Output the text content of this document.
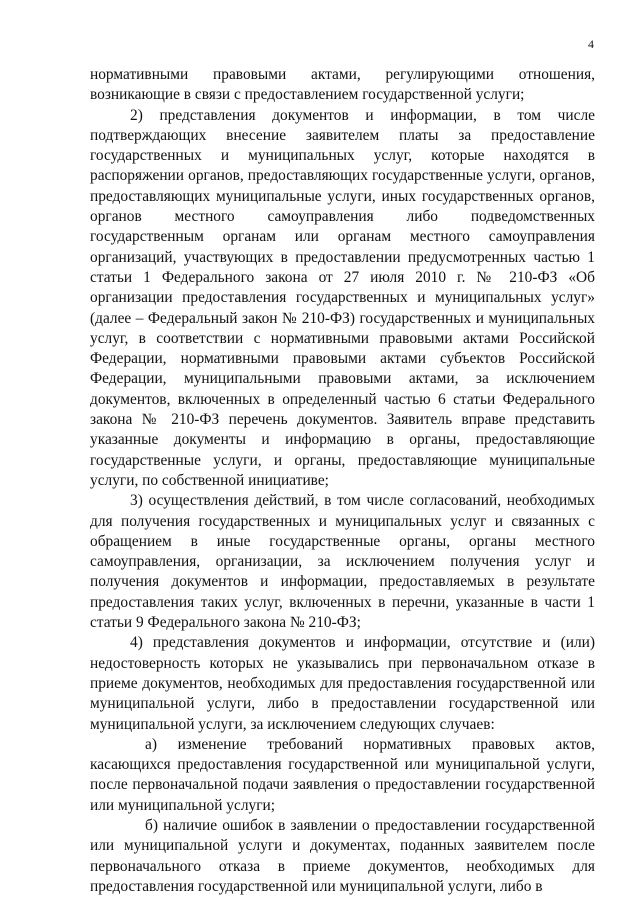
4

нормативными правовыми актами, регулирующими отношения, возникающие в связи с предоставлением государственной услуги;

2) представления документов и информации, в том числе подтверждающих внесение заявителем платы за предоставление государственных и муниципальных услуг, которые находятся в распоряжении органов, предоставляющих государственные услуги, органов, предоставляющих муниципальные услуги, иных государственных органов, органов местного самоуправления либо подведомственных государственным органам или органам местного самоуправления организаций, участвующих в предоставлении предусмотренных частью 1 статьи 1 Федерального закона от 27 июля 2010 г. № 210-ФЗ «Об организации предоставления государственных и муниципальных услуг» (далее – Федеральный закон № 210-ФЗ) государственных и муниципальных услуг, в соответствии с нормативными правовыми актами Российской Федерации, нормативными правовыми актами субъектов Российской Федерации, муниципальными правовыми актами, за исключением документов, включенных в определенный частью 6 статьи Федерального закона № 210-ФЗ перечень документов. Заявитель вправе представить указанные документы и информацию в органы, предоставляющие государственные услуги, и органы, предоставляющие муниципальные услуги, по собственной инициативе;

3) осуществления действий, в том числе согласований, необходимых для получения государственных и муниципальных услуг и связанных с обращением в иные государственные органы, органы местного самоуправления, организации, за исключением получения услуг и получения документов и информации, предоставляемых в результате предоставления таких услуг, включенных в перечни, указанные в части 1 статьи 9 Федерального закона № 210-ФЗ;

4) представления документов и информации, отсутствие и (или) недостоверность которых не указывались при первоначальном отказе в приеме документов, необходимых для предоставления государственной или муниципальной услуги, либо в предоставлении государственной или муниципальной услуги, за исключением следующих случаев:

а) изменение требований нормативных правовых актов, касающихся предоставления государственной или муниципальной услуги, после первоначальной подачи заявления о предоставлении государственной или муниципальной услуги;

б) наличие ошибок в заявлении о предоставлении государственной или муниципальной услуги и документах, поданных заявителем после первоначального отказа в приеме документов, необходимых для предоставления государственной или муниципальной услуги, либо в
